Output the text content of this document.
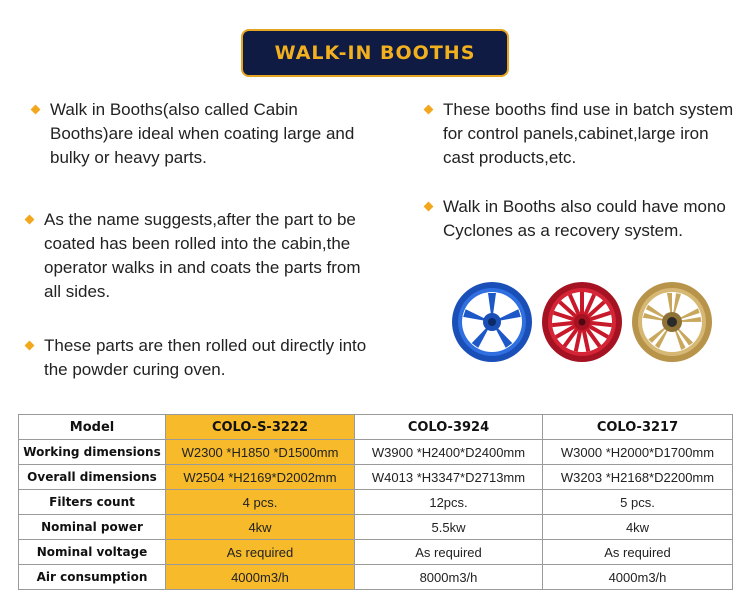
WALK-IN BOOTHS

Walk in Booths(also called Cabin

Booths)are ideal when coating large and

bulky or heavy parts.

As the name suggests,after the part to be

coated has been rolled into the cabin,the

operator walks in and coats the parts from

all sides.

These parts are then rolled out directly into

the powder curing oven.

These booths find use in batch system

for control panels,cabinet,large iron

cast products,etc.

Walk in Booths also could have mono

Cyclones as a recovery system.

Model	COLO-S-3222	COLO-3924	COLO-3217
Working dimensions	W2300 *H1850 *D1500mm	W3900 *H2400*D2400mm	W3000 *H2000*D1700mm
Overall dimensions	W2504 *H2169*D2002mm	W4013 *H3347*D2713mm	W3203 *H2168*D2200mm
Filters count	4 pcs.	12pcs.	5 pcs.
Nominal power	4kw	5.5kw	4kw
Nominal voltage	As required	As required	As required
Air consumption	4000m3/h	8000m3/h	4000m3/h
